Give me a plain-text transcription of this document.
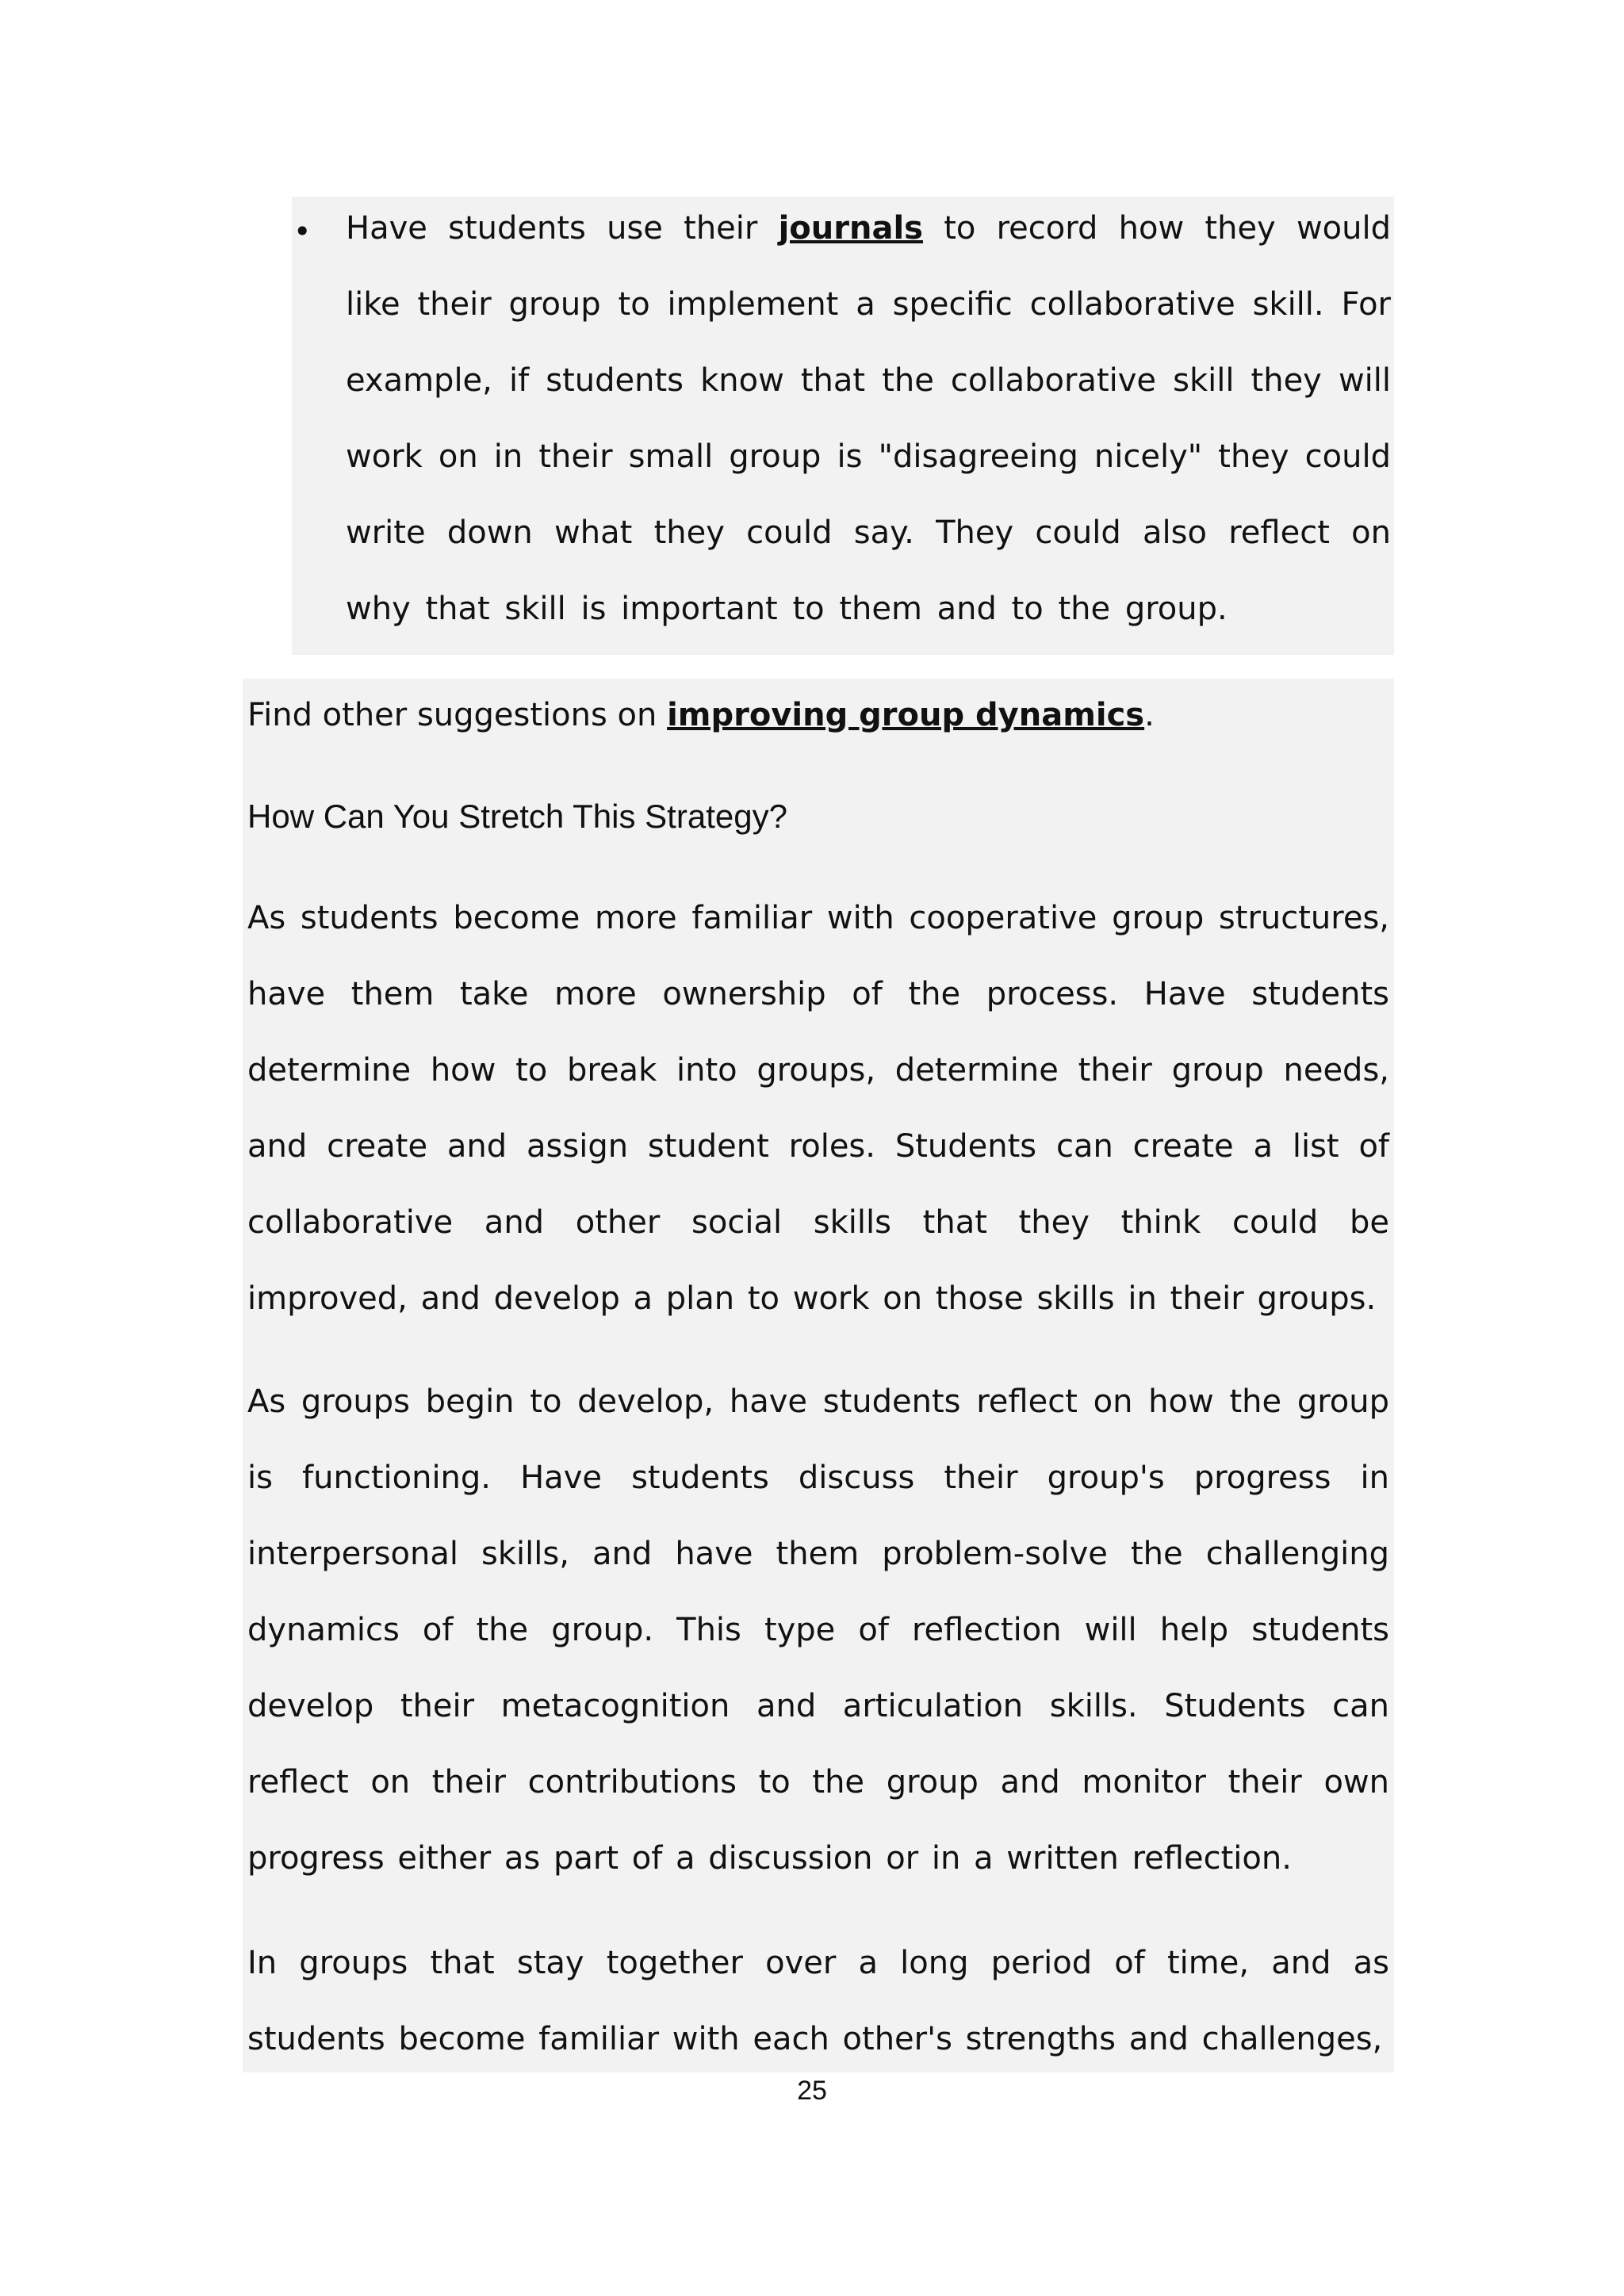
• Have students use their journals to record how they would like their group to implement a specific collaborative skill. For example, if students know that the collaborative skill they will work on in their small group is "disagreeing nicely" they could write down what they could say. They could also reflect on why that skill is important to them and to the group.
Find other suggestions on improving group dynamics.
How Can You Stretch This Strategy?
As students become more familiar with cooperative group structures, have them take more ownership of the process. Have students determine how to break into groups, determine their group needs, and create and assign student roles. Students can create a list of collaborative and other social skills that they think could be improved, and develop a plan to work on those skills in their groups.
As groups begin to develop, have students reflect on how the group is functioning. Have students discuss their group's progress in interpersonal skills, and have them problem-solve the challenging dynamics of the group. This type of reflection will help students develop their metacognition and articulation skills. Students can reflect on their contributions to the group and monitor their own progress either as part of a discussion or in a written reflection.
In groups that stay together over a long period of time, and as students become familiar with each other's strengths and challenges,
25
